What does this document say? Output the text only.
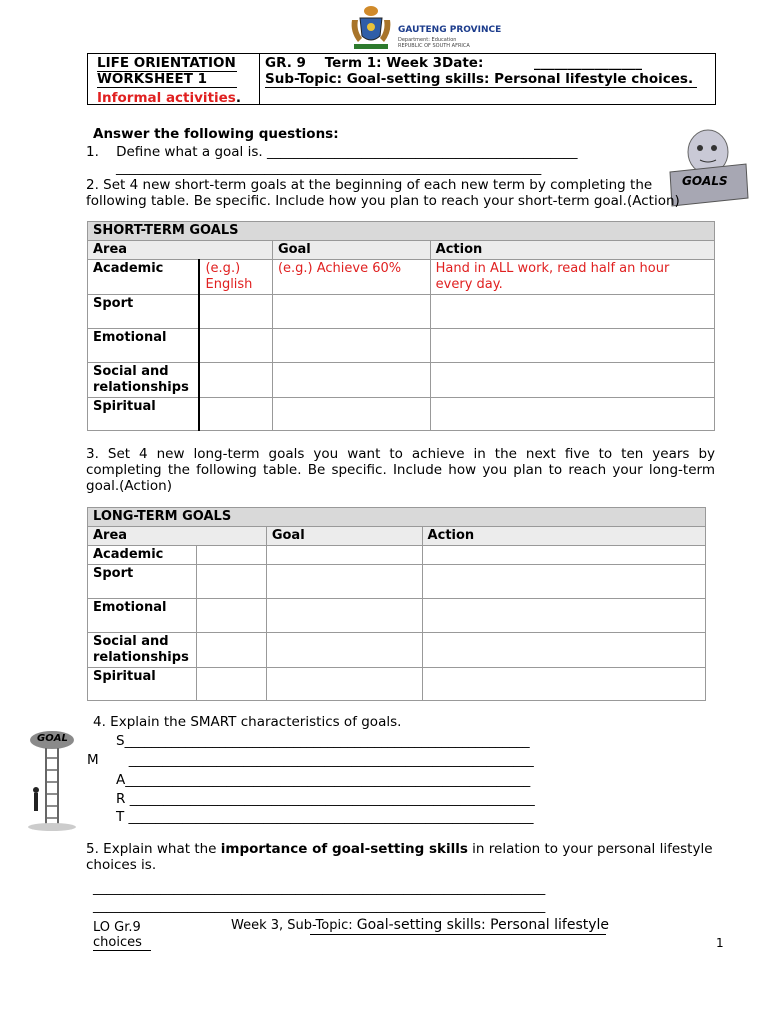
GAUTENG PROVINCE
Department: Education
REPUBLIC OF SOUTH AFRICA
LIFE ORIENTATION
WORKSHEET 1
Informal activities.
GR. 9    Term 1: Week 3Date:	________________
Sub-Topic: Goal-setting skills: Personal lifestyle choices.
Answer the following questions:
1. Define what a goal is. ______________________________________________
_______________________________________________________________
GOALS
2. Set 4 new short-term goals at the beginning of each new term by completing the following table. Be specific. Include how you plan to reach your short-term goal.(Action)
SHORT-TERM GOALS			
Area		Goal	Action
Academic	(e.g.) English	(e.g.) Achieve 60%	Hand in ALL work, read half an hour every day.
Sport			
Emotional			
Social and relationships			
Spiritual			
3. Set 4 new long-term goals you want to achieve in the next five to ten years by completing the following table. Be specific. Include how you plan to reach your long-term goal.(Action)
LONG-TERM GOALS			
Area		Goal	Action
Academic			
Sport			
Emotional			
Social and relationships			
Spiritual			
4. Explain the SMART characteristics of goals.
GOAL	S____________________________________________________________
M ____________________________________________________________
A____________________________________________________________
R ____________________________________________________________
T ____________________________________________________________
5. Explain what the importance of goal-setting skills in relation to your personal lifestyle choices is.
___________________________________________________________________
___________________________________________________________________
LO Gr.9
choices
Week 3, Sub-Topic: Goal-setting skills: Personal lifestyle
1
